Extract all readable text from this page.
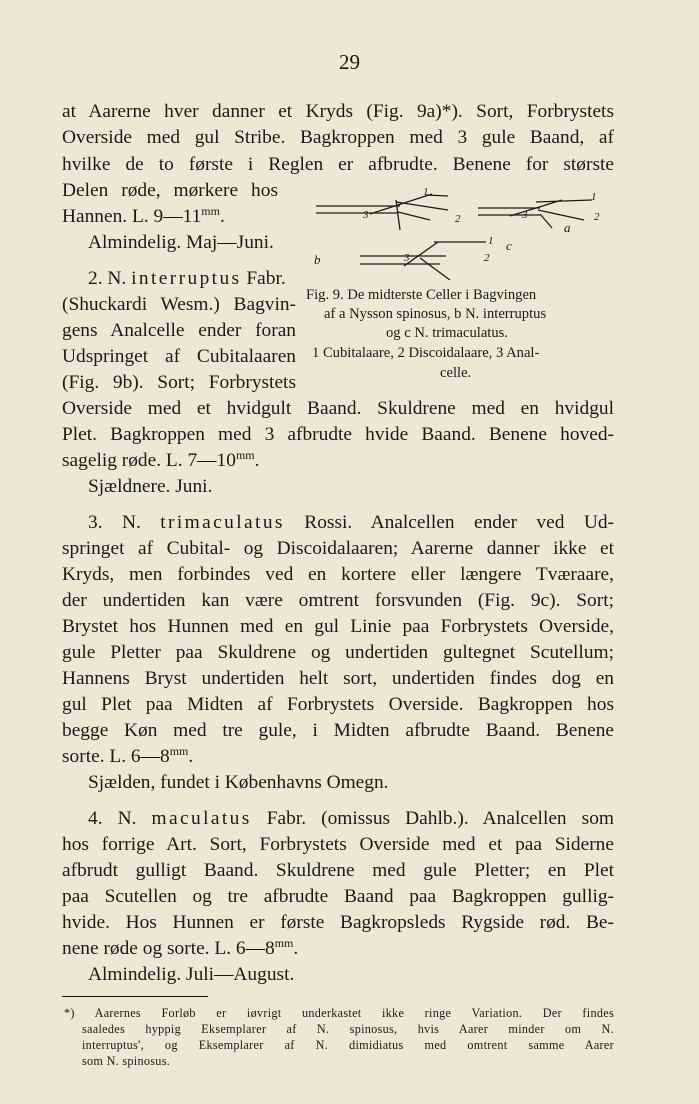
29
at Aarerne hver danner et Kryds (Fig. 9a)*). Sort, Forbrystets
Overside med gul Stribe. Bagkroppen med 3 gule Baand, af
hvilke de to første i Reglen er afbrudte. Benene for største
Delen røde, mørkere hos
Hannen. L. $9—11^{mm}$.
Almindelig. Maj—Juni.
3	2
1
b
3	2
1
a
3	2
1 c
2. N. interruptus Fabr.
(Shuckardi Wesm.) Bagvin-
gens Analcelle ender foran
Udspringet af Cubitalaaren
(Fig. 9b). Sort; Forbrystets
Fig. 9. De midterste Celler i Bagvingen
af a Nysson spinosus, b N. interruptus
og c N. trimaculatus.
1 Cubitalaare, 2 Discoidalaare, 3 Anal-
celle.
Overside med et hvidgult Baand. Skuldrene med en hvidgul
Plet. Bagkroppen med 3 afbrudte hvide Baand. Benene hoved-
sagelig røde. L. $7—10^{mm}$.
Sjældnere. Juni.
3. N. trimaculatus Rossi. Analcellen ender ved Ud-
springet af Cubital- og Discoidalaaren; Aarerne danner ikke et
Kryds, men forbindes ved en kortere eller længere Tværaare,
der undertiden kan være omtrent forsvunden (Fig. 9c). Sort;
Brystet hos Hunnen med en gul Linie paa Forbrystets Overside,
gule Pletter paa Skuldrene og undertiden gultegnet Scutellum;
Hannens Bryst undertiden helt sort, undertiden findes dog en
gul Plet paa Midten af Forbrystets Overside. Bagkroppen hos
begge Køn med tre gule, i Midten afbrudte Baand. Benene
sorte. L. $6—8^{mm}$.
Sjælden, fundet i Københavns Omegn.
4. N. maculatus Fabr. (omissus Dahlb.). Analcellen som
hos forrige Art. Sort, Forbrystets Overside med et paa Siderne
afbrudt gulligt Baand. Skuldrene med gule Pletter; en Plet
paa Scutellen og tre afbrudte Baand paa Bagkroppen gullig-
hvide. Hos Hunnen er første Bagkropsleds Rygside rød. Be-
nene røde og sorte. L. $6—8^{mm}$.
Almindelig. Juli—August.
*) Aarernes Forløb er iøvrigt underkastet ikke ringe Variation. Der findes
saaledes hyppig Eksemplarer af N. spinosus, hvis Aarer minder om N.
interruptus', og Eksemplarer af N. dimidiatus med omtrent samme Aarer
som N. spinosus.
